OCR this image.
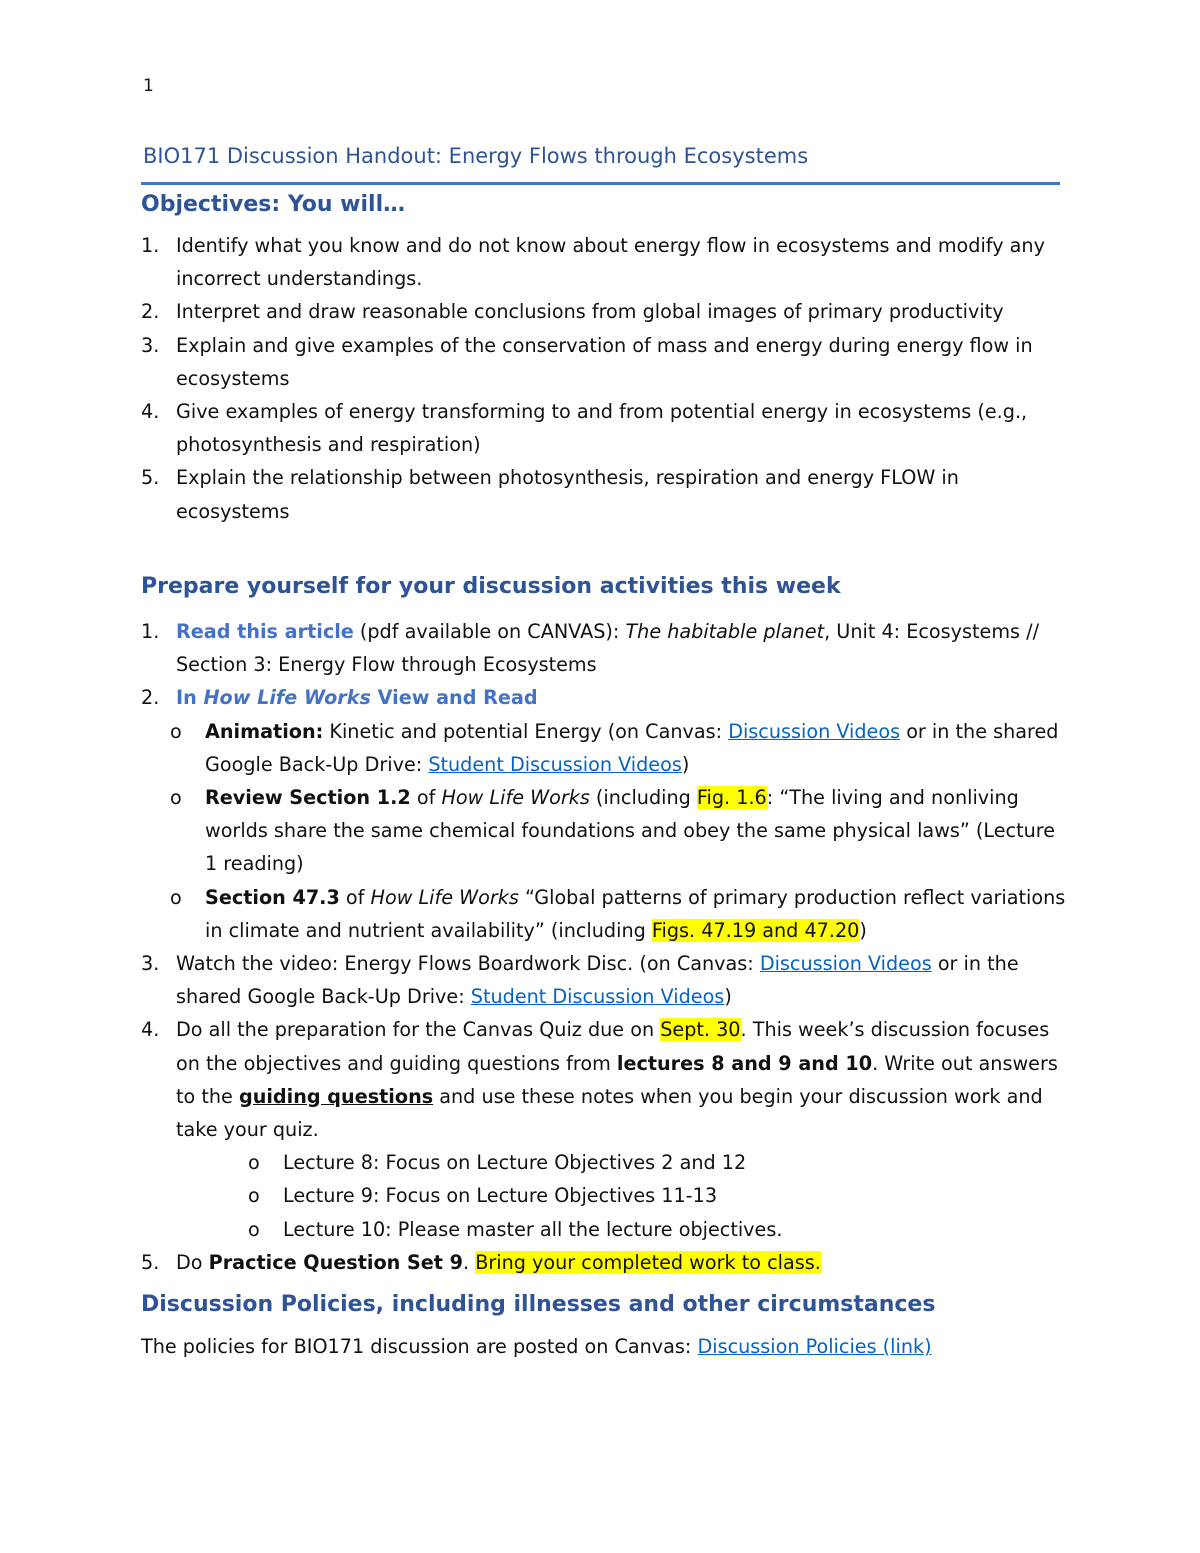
1
BIO171 Discussion Handout: Energy Flows through Ecosystems
Objectives: You will…
1. Identify what you know and do not know about energy flow in ecosystems and modify any incorrect understandings.
2. Interpret and draw reasonable conclusions from global images of primary productivity
3. Explain and give examples of the conservation of mass and energy during energy flow in ecosystems
4. Give examples of energy transforming to and from potential energy in ecosystems (e.g., photosynthesis and respiration)
5. Explain the relationship between photosynthesis, respiration and energy FLOW in ecosystems
Prepare yourself for your discussion activities this week
1. Read this article (pdf available on CANVAS): The habitable planet, Unit 4: Ecosystems // Section 3: Energy Flow through Ecosystems
2. In How Life Works View and Read
o Animation: Kinetic and potential Energy (on Canvas: Discussion Videos or in the shared Google Back-Up Drive: Student Discussion Videos)
o Review Section 1.2 of How Life Works (including Fig. 1.6: “The living and nonliving worlds share the same chemical foundations and obey the same physical laws” (Lecture 1 reading)
o Section 47.3 of How Life Works “Global patterns of primary production reflect variations in climate and nutrient availability” (including Figs. 47.19 and 47.20)
3. Watch the video: Energy Flows Boardwork Disc. (on Canvas: Discussion Videos or in the shared Google Back-Up Drive: Student Discussion Videos)
4. Do all the preparation for the Canvas Quiz due on Sept. 30. This week’s discussion focuses on the objectives and guiding questions from lectures 8 and 9 and 10. Write out answers to the guiding questions and use these notes when you begin your discussion work and take your quiz.
o Lecture 8: Focus on Lecture Objectives 2 and 12
o Lecture 9: Focus on Lecture Objectives 11-13
o Lecture 10: Please master all the lecture objectives.
5. Do Practice Question Set 9. Bring your completed work to class.
Discussion Policies, including illnesses and other circumstances
The policies for BIO171 discussion are posted on Canvas: Discussion Policies (link)
